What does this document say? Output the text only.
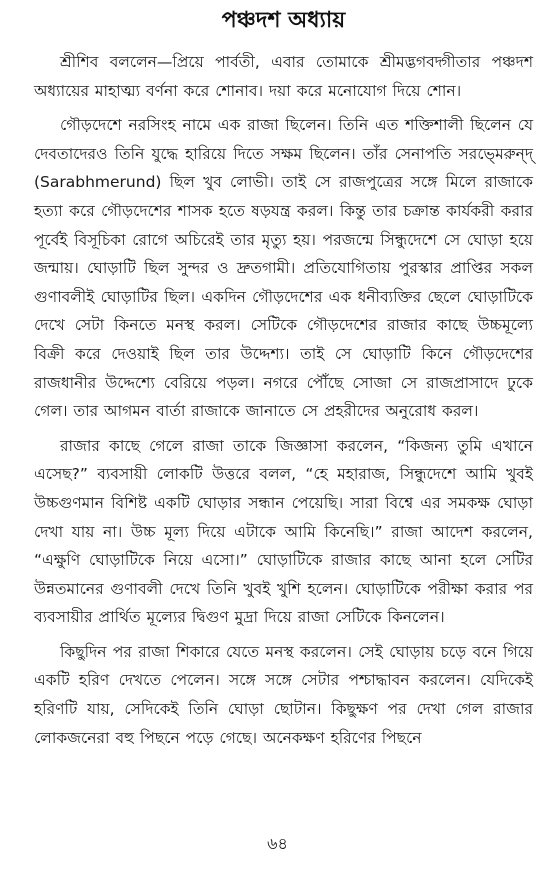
পঞ্চদশ অধ্যায়

শ্রীশিব বললেন—প্রিয়ে পার্বতী, এবার তোমাকে শ্রীমদ্ভগবদ্গীতার পঞ্চদশ অধ্যায়ের মাহাত্ম্য বর্ণনা করে শোনাব। দয়া করে মনোযোগ দিয়ে শোন।

গৌড়দেশে নরসিংহ নামে এক রাজা ছিলেন। তিনি এত শক্তিশালী ছিলেন যে দেবতাদেরও তিনি যুদ্ধে হারিয়ে দিতে সক্ষম ছিলেন। তাঁর সেনাপতি সরভ্মেরুন্দ্‌ (Sarabhmerund) ছিল খুব লোভী। তাই সে রাজপুত্রের সঙ্গে মিলে রাজাকে হত্যা করে গৌড়দেশের শাসক হতে ষড়যন্ত্র করল। কিন্তু তার চক্রান্ত কার্যকরী করার পূর্বেই বিসূচিকা রোগে অচিরেই তার মৃত্যু হয়। পরজন্মে সিন্ধুদেশে সে ঘোড়া হয়ে জন্মায়। ঘোড়াটি ছিল সুন্দর ও দ্রুতগামী। প্রতিযোগিতায় পুরস্কার প্রাপ্তির সকল গুণাবলীই ঘোড়াটির ছিল। একদিন গৌড়দেশের এক ধনীব্যক্তির ছেলে ঘোড়াটিকে দেখে সেটা কিনতে মনস্থ করল। সেটিকে গৌড়দেশের রাজার কাছে উচ্চমূল্যে বিক্রী করে দেওয়াই ছিল তার উদ্দেশ্য। তাই সে ঘোড়াটি কিনে গৌড়দেশের রাজধানীর উদ্দেশ্যে বেরিয়ে পড়ল। নগরে পৌঁছে সোজা সে রাজপ্রাসাদে ঢুকে গেল। তার আগমন বার্তা রাজাকে জানাতে সে প্রহরীদের অনুরোধ করল।

রাজার কাছে গেলে রাজা তাকে জিজ্ঞাসা করলেন, “কিজন্য তুমি এখানে এসেছ?” ব্যবসায়ী লোকটি উত্তরে বলল, “হে মহারাজ, সিন্ধুদেশে আমি খুবই উচ্চগুণমান বিশিষ্ট একটি ঘোড়ার সন্ধান পেয়েছি। সারা বিশ্বে এর সমকক্ষ ঘোড়া দেখা যায় না। উচ্চ মূল্য দিয়ে এটাকে আমি কিনেছি।” রাজা আদেশ করলেন, “এক্ষুণি ঘোড়াটিকে নিয়ে এসো।” ঘোড়াটিকে রাজার কাছে আনা হলে সেটির উন্নতমানের গুণাবলী দেখে তিনি খুবই খুশি হলেন। ঘোড়াটিকে পরীক্ষা করার পর ব্যবসায়ীর প্রার্থিত মূল্যের দ্বিগুণ মুদ্রা দিয়ে রাজা সেটিকে কিনলেন।

কিছুদিন পর রাজা শিকারে যেতে মনস্থ করলেন। সেই ঘোড়ায় চড়ে বনে গিয়ে একটি হরিণ দেখতে পেলেন। সঙ্গে সঙ্গে সেটার পশ্চাদ্ধাবন করলেন। যেদিকেই হরিণটি যায়, সেদিকেই তিনি ঘোড়া ছোটান। কিছুক্ষণ পর দেখা গেল রাজার লোকজনেরা বহু পিছনে পড়ে গেছে। অনেকক্ষণ হরিণের পিছনে

৬৪
